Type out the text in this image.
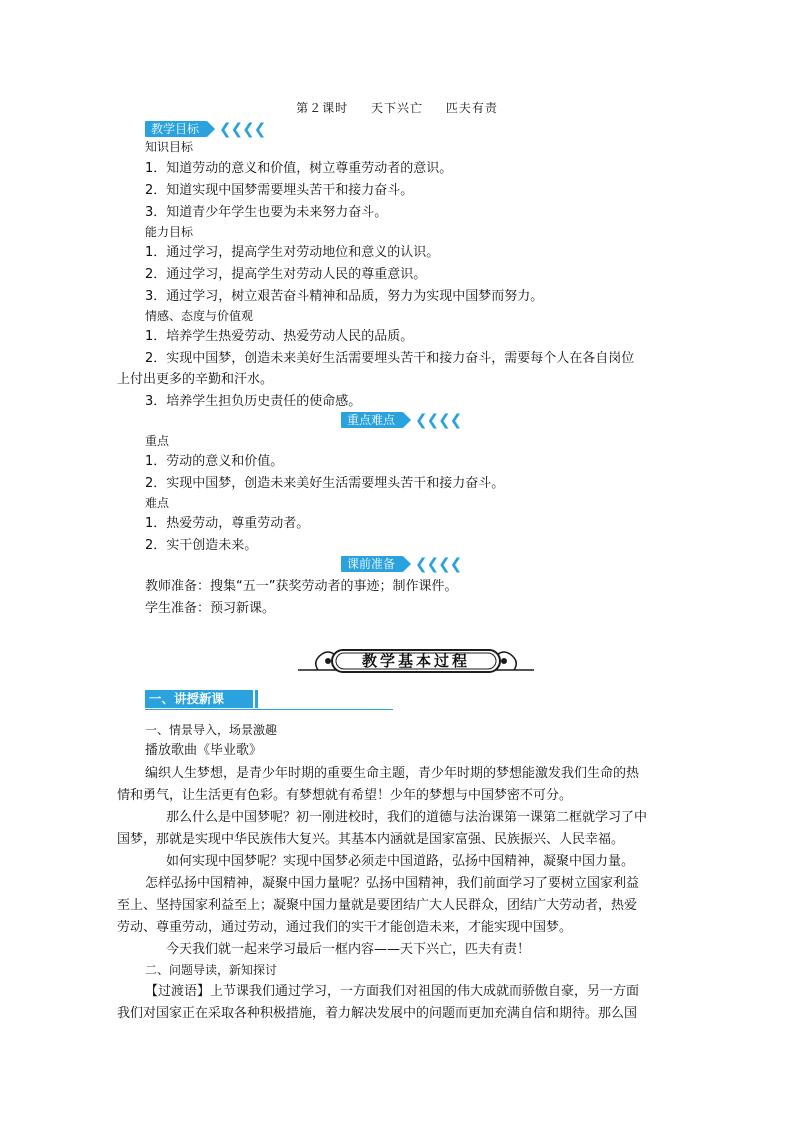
第２课时 天下兴亡 匹夫有责
教学目标	❮❮❮❮
知识目标
1．知道劳动的意义和价值，树立尊重劳动者的意识。
2．知道实现中国梦需要埋头苦干和接力奋斗。
3．知道青少年学生也要为未来努力奋斗。
能力目标
1．通过学习，提高学生对劳动地位和意义的认识。
2．通过学习，提高学生对劳动人民的尊重意识。
3．通过学习，树立艰苦奋斗精神和品质，努力为实现中国梦而努力。
情感、态度与价值观
1．培养学生热爱劳动、热爱劳动人民的品质。
2．实现中国梦，创造未来美好生活需要埋头苦干和接力奋斗，需要每个人在各自岗位
上付出更多的辛勤和汗水。
3．培养学生担负历史责任的使命感。
重点难点	❮❮❮❮
重点
1．劳动的意义和价值。
2．实现中国梦，创造未来美好生活需要埋头苦干和接力奋斗。
难点
1．热爱劳动，尊重劳动者。
2．实干创造未来。
课前准备	❮❮❮❮
教师准备：搜集“五一”获奖劳动者的事迹；制作课件。
学生准备：预习新课。
教学基本过程
一、讲授新课
一、情景导入，场景激趣
播放歌曲《毕业歌》
编织人生梦想，是青少年时期的重要生命主题，青少年时期的梦想能激发我们生命的热
情和勇气，让生活更有色彩。有梦想就有希望！少年的梦想与中国梦密不可分。
那么什么是中国梦呢？初一刚进校时，我们的道德与法治课第一课第二框就学习了中
国梦，那就是实现中华民族伟大复兴。其基本内涵就是国家富强、民族振兴、人民幸福。
如何实现中国梦呢？实现中国梦必须走中国道路，弘扬中国精神，凝聚中国力量。
怎样弘扬中国精神，凝聚中国力量呢？弘扬中国精神，我们前面学习了要树立国家利益
至上、坚持国家利益至上；凝聚中国力量就是要团结广大人民群众，团结广大劳动者，热爱
劳动、尊重劳动，通过劳动，通过我们的实干才能创造未来，才能实现中国梦。
今天我们就一起来学习最后一框内容——天下兴亡，匹夫有责！
二、问题导读，新知探讨
【过渡语】上节课我们通过学习，一方面我们对祖国的伟大成就而骄傲自豪，另一方面
我们对国家正在采取各种积极措施，着力解决发展中的问题而更加充满自信和期待。那么国
